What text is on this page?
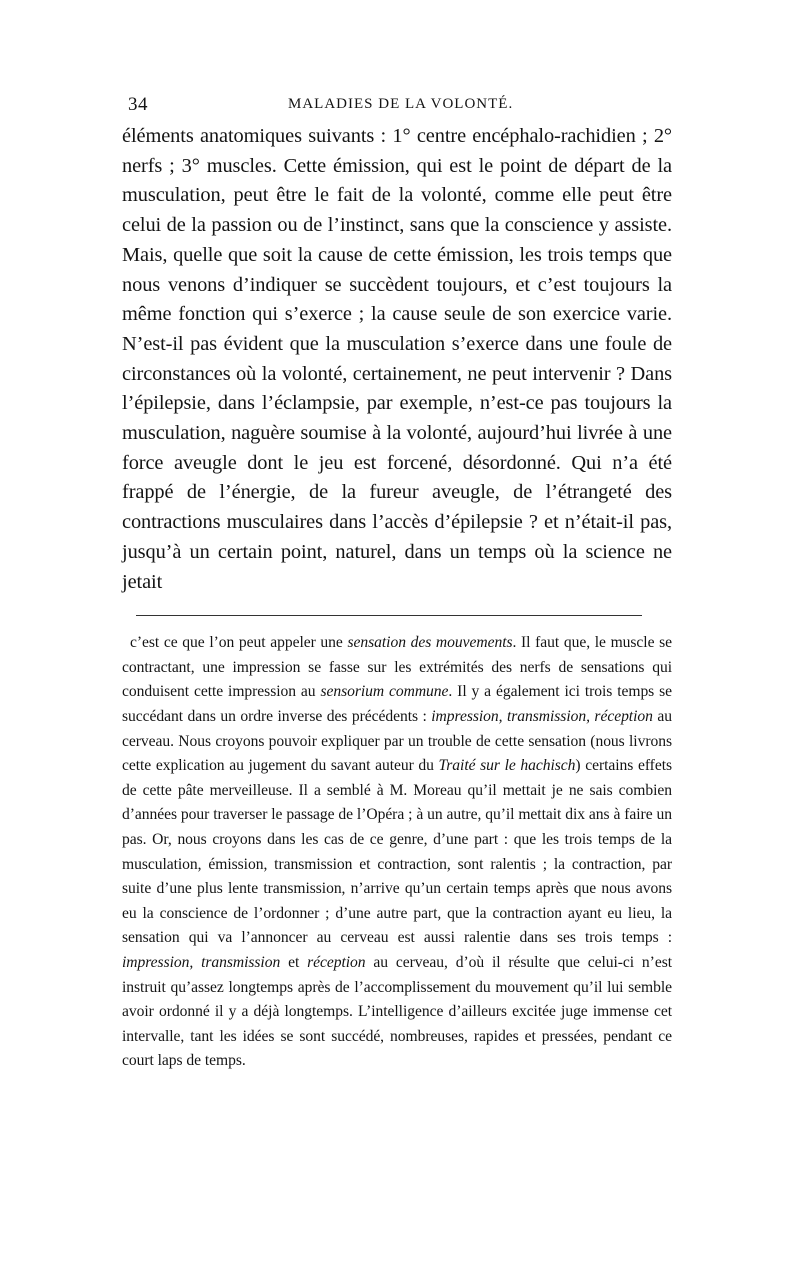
34	MALADIES DE LA VOLONTÉ.

éléments anatomiques suivants : 1° centre encéphalo-rachidien ; 2° nerfs ; 3° muscles. Cette émission, qui est le point de départ de la musculation, peut être le fait de la volonté, comme elle peut être celui de la passion ou de l’instinct, sans que la conscience y assiste. Mais, quelle que soit la cause de cette émission, les trois temps que nous venons d’indiquer se succèdent toujours, et c’est toujours la même fonction qui s’exerce ; la cause seule de son exercice varie. N’est-il pas évident que la musculation s’exerce dans une foule de circonstances où la volonté, certainement, ne peut intervenir ? Dans l’épilepsie, dans l’éclampsie, par exemple, n’est-ce pas toujours la musculation, naguère soumise à la volonté, aujourd’hui livrée à une force aveugle dont le jeu est forcené, désordonné. Qui n’a été frappé de l’énergie, de la fureur aveugle, de l’étrangeté des contractions musculaires dans l’accès d’épilepsie ? et n’était-il pas, jusqu’à un certain point, naturel, dans un temps où la science ne jetait

c’est ce que l’on peut appeler une sensation des mouvements. Il faut que, le muscle se contractant, une impression se fasse sur les extrémités des nerfs de sensations qui conduisent cette impression au sensorium commune. Il y a également ici trois temps se succédant dans un ordre inverse des précédents : impression, transmission, réception au cerveau. Nous croyons pouvoir expliquer par un trouble de cette sensation (nous livrons cette explication au jugement du savant auteur du Traité sur le hachisch) certains effets de cette pâte merveilleuse. Il a semblé à M. Moreau qu’il mettait je ne sais combien d’années pour traverser le passage de l’Opéra ; à un autre, qu’il mettait dix ans à faire un pas. Or, nous croyons dans les cas de ce genre, d’une part : que les trois temps de la musculation, émission, transmission et contraction, sont ralentis ; la contraction, par suite d’une plus lente transmission, n’arrive qu’un certain temps après que nous avons eu la conscience de l’ordonner ; d’une autre part, que la contraction ayant eu lieu, la sensation qui va l’annoncer au cerveau est aussi ralentie dans ses trois temps : impression, transmission et réception au cerveau, d’où il résulte que celui-ci n’est instruit qu’assez longtemps après de l’accomplissement du mouvement qu’il lui semble avoir ordonné il y a déjà longtemps. L’intelligence d’ailleurs excitée juge immense cet intervalle, tant les idées se sont succédé, nombreuses, rapides et pressées, pendant ce court laps de temps.
